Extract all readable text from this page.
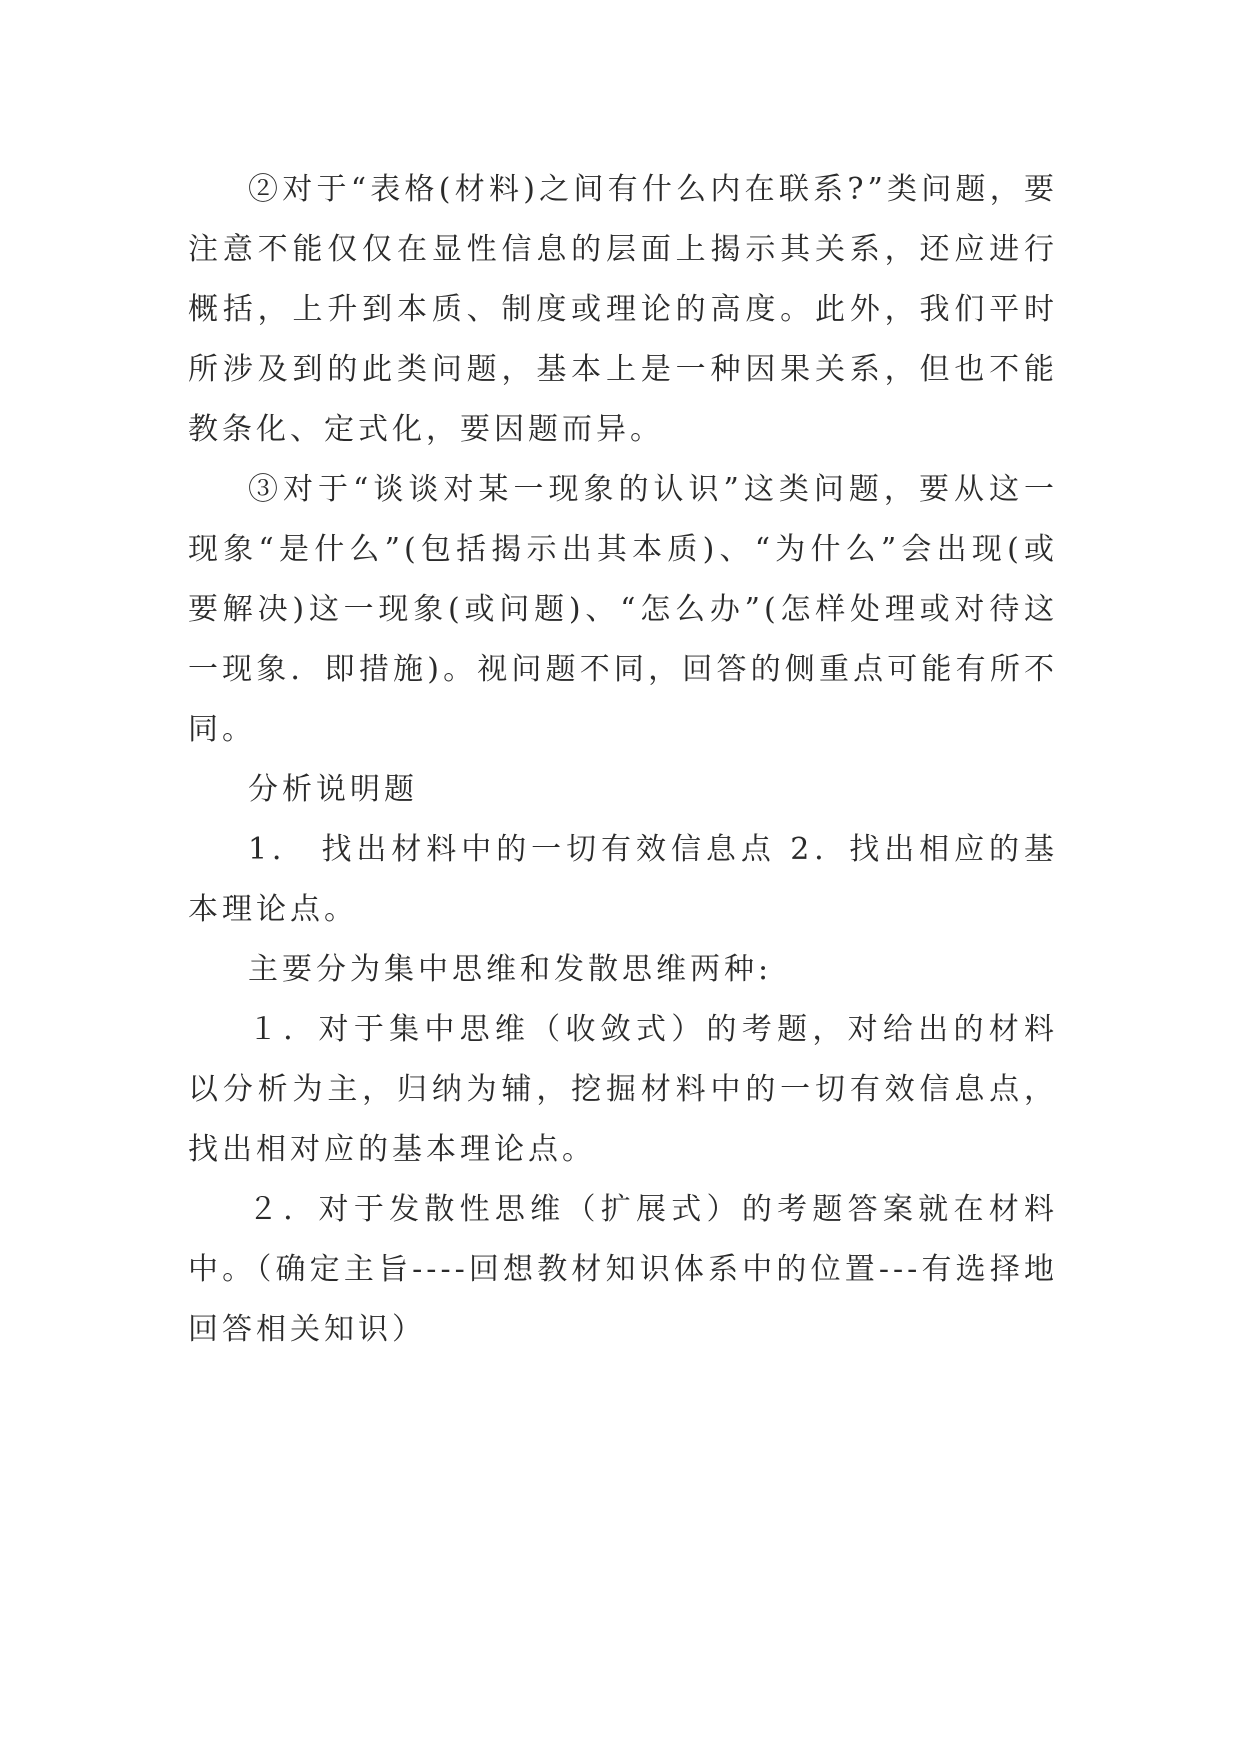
②对于“表格(材料)之间有什么内在联系?”类问题，要注意不能仅仅在显性信息的层面上揭示其关系，还应进行概括，上升到本质、制度或理论的高度。此外，我们平时所涉及到的此类问题，基本上是一种因果关系，但也不能教条化、定式化，要因题而异。

③对于“谈谈对某一现象的认识”这类问题，要从这一现象“是什么”(包括揭示出其本质)、“为什么”会出现(或要解决)这一现象(或问题)、“怎么办”(怎样处理或对待这一现象．即措施)。视问题不同，回答的侧重点可能有所不同。

分析说明题

1． 找出材料中的一切有效信息点 2．找出相应的基本理论点。

主要分为集中思维和发散思维两种:

１．对于集中思维（收敛式）的考题，对给出的材料以分析为主，归纳为辅，挖掘材料中的一切有效信息点，找出相对应的基本理论点。

２．对于发散性思维（扩展式）的考题答案就在材料中。（确定主旨----回想教材知识体系中的位置---有选择地回答相关知识）
